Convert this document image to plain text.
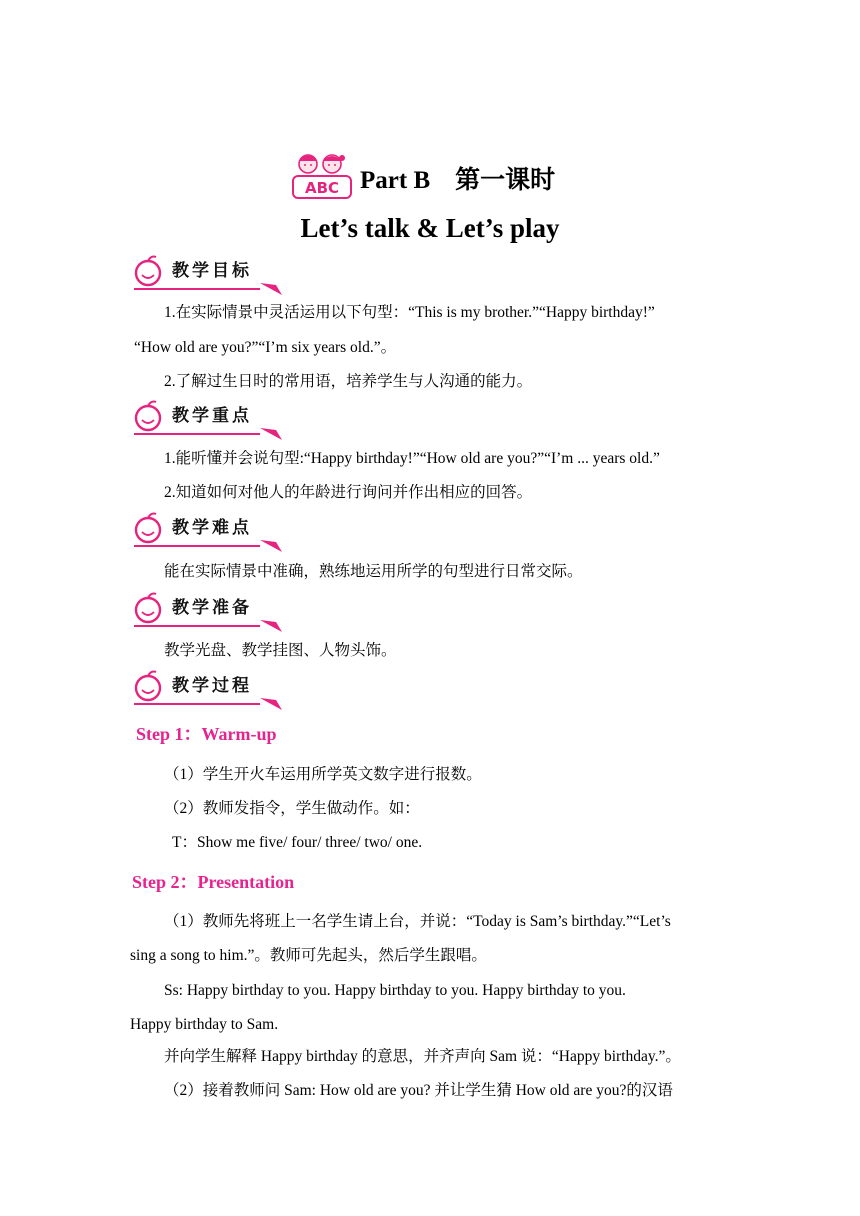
ABC Part B　第一课时
Let’s talk & Let’s play
教学目标
1.在实际情景中灵活运用以下句型：“This is my brother.”“Happy birthday!”
“How old are you?”“I’m six years old.”。
2.了解过生日时的常用语，培养学生与人沟通的能力。
教学重点
1.能听懂并会说句型:“Happy birthday!”“How old are you?”“I’m ... years old.”
2.知道如何对他人的年龄进行询问并作出相应的回答。
教学难点
能在实际情景中准确，熟练地运用所学的句型进行日常交际。
教学准备
教学光盘、教学挂图、人物头饰。
教学过程
Step 1：Warm-up
（1）学生开火车运用所学英文数字进行报数。
（2）教师发指令，学生做动作。如：
T：Show me five/ four/ three/ two/ one.
Step 2：Presentation
（1）教师先将班上一名学生请上台，并说：“Today is Sam’s birthday.”“Let’s
sing a song to him.”。教师可先起头，然后学生跟唱。
Ss: Happy birthday to you. Happy birthday to you. Happy birthday to you.
Happy birthday to Sam.
并向学生解释 Happy birthday 的意思，并齐声向 Sam 说：“Happy birthday.”。
（2）接着教师问 Sam: How old are you? 并让学生猜 How old are you?的汉语
